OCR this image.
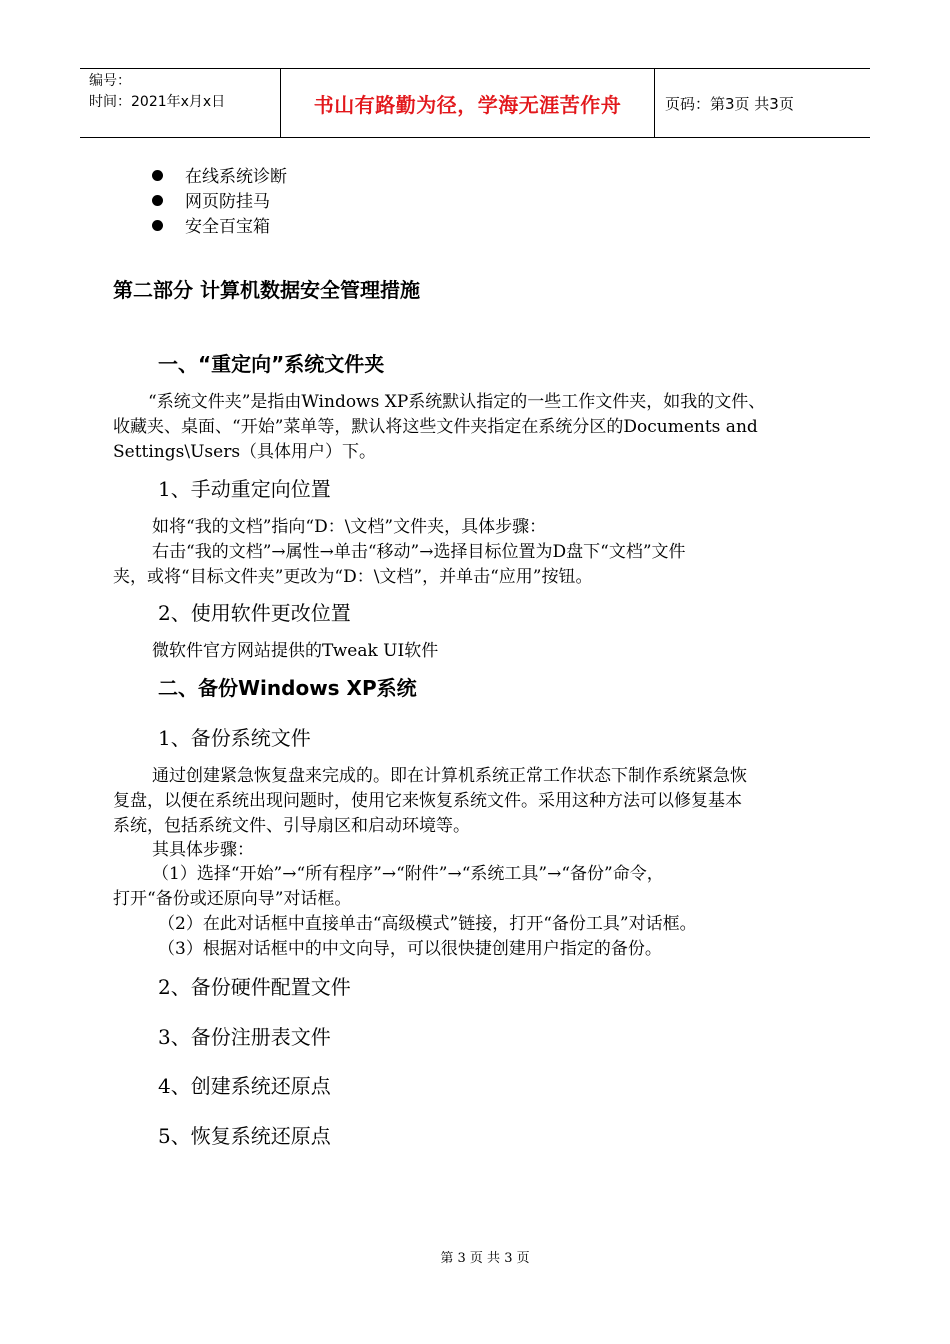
编号：
时间：2021年x月x日	书山有路勤为径，学海无涯苦作舟	页码：第3页 共3页
在线系统诊断
网页防挂马
安全百宝箱
第二部分 计算机数据安全管理措施
一、“重定向”系统文件夹
“系统文件夹”是指由Windows XP系统默认指定的一些工作文件夹，如我的文件、
收藏夹、桌面、“开始”菜单等，默认将这些文件夹指定在系统分区的Documents and
Settings\Users（具体用户）下。
1、手动重定向位置
如将“我的文档”指向“D：\文档”文件夹，具体步骤：
右击“我的文档”→属性→单击“移动”→选择目标位置为D盘下“文档”文件
夹，或将“目标文件夹”更改为“D：\文档”，并单击“应用”按钮。
2、使用软件更改位置
微软件官方网站提供的Tweak UI软件
二、备份Windows XP系统
1、备份系统文件
通过创建紧急恢复盘来完成的。即在计算机系统正常工作状态下制作系统紧急恢
复盘，以便在系统出现问题时，使用它来恢复系统文件。采用这种方法可以修复基本
系统，包括系统文件、引导扇区和启动环境等。
其具体步骤：
（1）选择“开始”→“所有程序”→“附件”→“系统工具”→“备份”命令，
打开“备份或还原向导”对话框。
（2）在此对话框中直接单击“高级模式”链接，打开“备份工具”对话框。
（3）根据对话框中的中文向导，可以很快捷创建用户指定的备份。
2、备份硬件配置文件
3、备份注册表文件
4、创建系统还原点
5、恢复系统还原点
第 3 页 共 3 页
